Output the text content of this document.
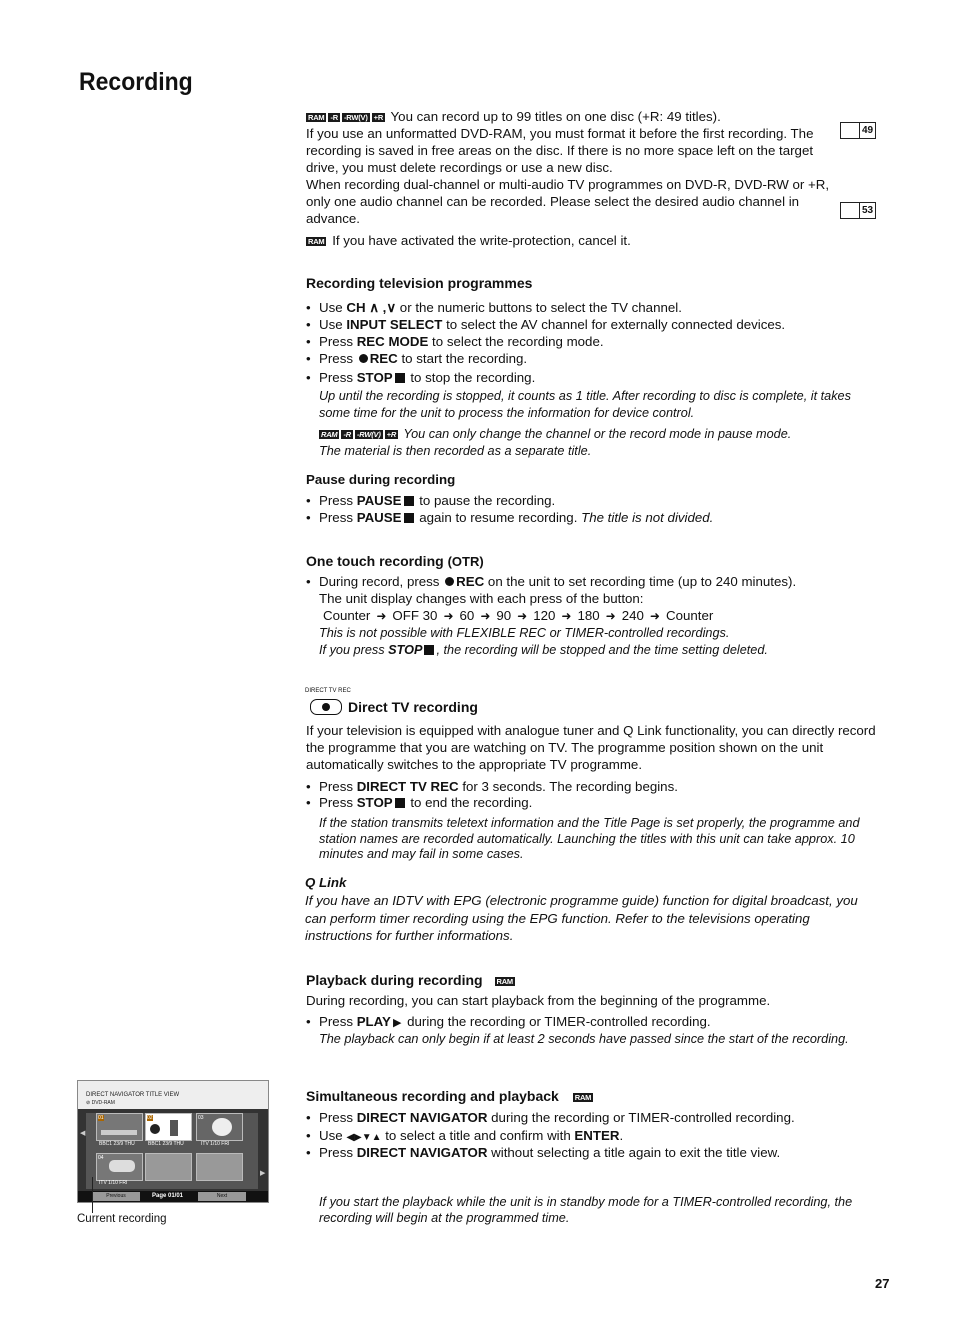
Recording
RAM -R -RW(V) +R You can record up to 99 titles on one disc (+R: 49 titles).
If you use an unformatted DVD-RAM, you must format it before the first recording. The recording is saved in free areas on the disc. If there is no more space left on the target drive, you must delete recordings or use a new disc.
When recording dual-channel or multi-audio TV programmes on DVD-R, DVD-RW or +R, only one audio channel can be recorded. Please select the desired audio channel in advance.
RAM If you have activated the write-protection, cancel it.
49
53
Recording television programmes
• Use CH ∧ ,∨ or the numeric buttons to select the TV channel.
• Use INPUT SELECT to select the AV channel for externally connected devices.
• Press REC MODE to select the recording mode.
• Press REC to start the recording.
• Press STOP to stop the recording.
Up until the recording is stopped, it counts as 1 title. After recording to disc is complete, it takes some time for the unit to process the information for device control.
RAM -R -RW(V) +R You can only change the channel or the record mode in pause mode.
The material is then recorded as a separate title.
Pause during recording
• Press PAUSE to pause the recording.
• Press PAUSE again to resume recording. The title is not divided.
One touch recording (OTR)
• During record, press REC on the unit to set recording time (up to 240 minutes).
The unit display changes with each press of the button:
Counter ➜ OFF 30 ➜ 60 ➜ 90 ➜ 120 ➜ 180 ➜ 240 ➜ Counter
This is not possible with FLEXIBLE REC or TIMER-controlled recordings.
If you press STOP , the recording will be stopped and the time setting deleted.
DIRECT TV REC
Direct TV recording
If your television is equipped with analogue tuner and Q Link functionality, you can directly record the programme that you are watching on TV. The programme position shown on the unit automatically switches to the appropriate TV programme.
• Press DIRECT TV REC for 3 seconds. The recording begins.
• Press STOP to end the recording.
If the station transmits teletext information and the Title Page is set properly, the programme and station names are recorded automatically. Launching the titles with this unit can take approx. 10 minutes and may fail in some cases.
Q Link
If you have an IDTV with EPG (electronic programme guide) function for digital broadcast, you can perform timer recording using the EPG function. Refer to the televisions operating instructions for further informations.
Playback during recording RAM
During recording, you can start playback from the beginning of the programme.
• Press PLAY ▶ during the recording or TIMER-controlled recording.
The playback can only begin if at least 2 seconds have passed since the start of the recording.
Simultaneous recording and playback RAM
• Press DIRECT NAVIGATOR during the recording or TIMER-controlled recording.
• Use ◀▶▼▲ to select a title and confirm with ENTER.
• Press DIRECT NAVIGATOR without selecting a title again to exit the title view.
If you start the playback while the unit is in standby mode for a TIMER-controlled recording, the recording will begin at the programmed time.
DIRECT NAVIGATOR TITLE VIEW
⊘ DVD-RAM
◀
▶
01
BBC1 23/9 THU
02
BBC1 23/9 THU
03
ITV 1/10 FRI
04
ITV 1/10 FRI
Previous	Page 01/01	Next
Current recording
27
